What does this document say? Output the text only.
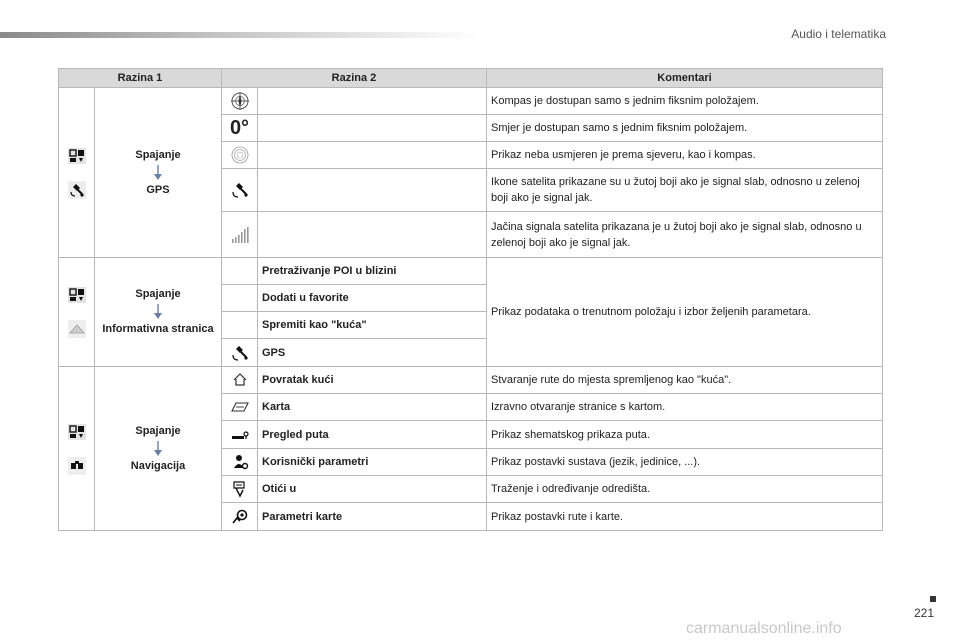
Audio i telematika
Razina 1		Razina 2		Komentari

Spajanje
GPS			Kompas je dostupan samo s jednim fiksnim položajem.
		0°		Smjer je dostupan samo s jednim fiksnim položajem.
		Prikaz neba usmjeren je prema sjeveru, kao i kompas.
		Ikone satelita prikazane su u žutoj boji ako je signal slab, odnosno u zelenoj boji ako je signal jak.
		Jačina signala satelita prikazana je u žutoj boji ako je signal slab, odnosno u zelenoj boji ako je signal jak.

Spajanje
Informativna stranica		Pretraživanje POI u blizini	Prikaz podataka o trenutnom položaju i izbor željenih parametara.
			Dodati u favorite	
			Spremiti kao "kuća"	
	GPS	

Spajanje
Navigacija		Povratak kući	Stvaranje rute do mjesta spremljenog kao "kuća".
	Karta	Izravno otvaranje stranice s kartom.
	Pregled puta	Prikaz shematskog prikaza puta.
	Korisnički parametri	Prikaz postavki sustava (jezik, jedinice, ...).
	Otići u	Traženje i određivanje odredišta.
	Parametri karte	Prikaz postavki rute i karte.
221
carmanualsonline.info
